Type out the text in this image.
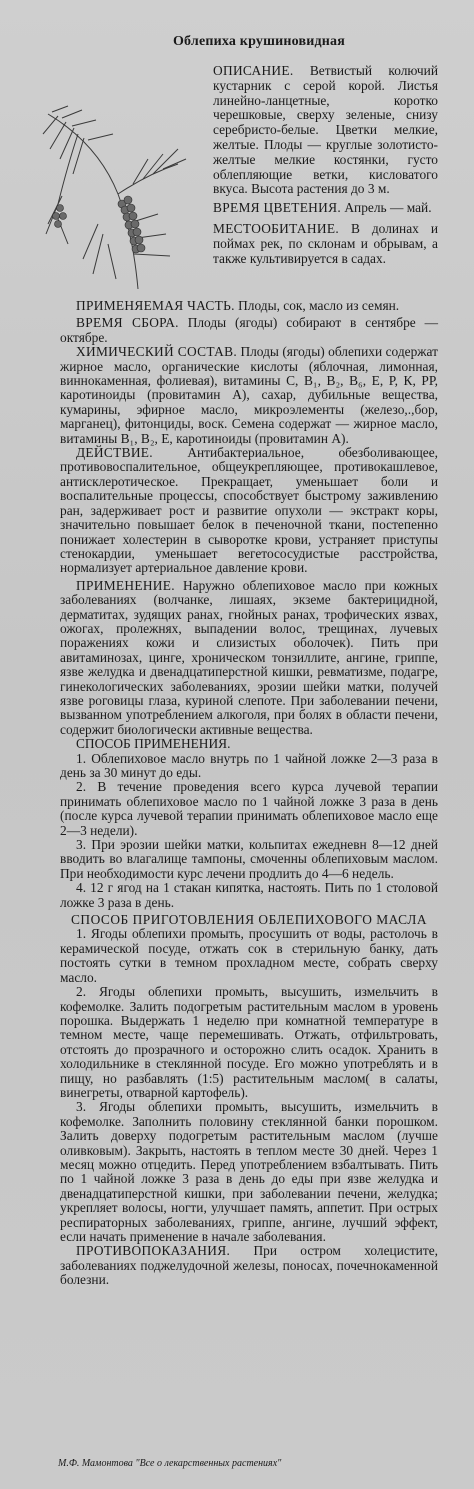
Облепиха крушиновидная

ОПИСАНИЕ. Ветвистый колючий кустарник с серой корой. Листья линейно-ланцетные, коротко черешковые, сверху зеленые, снизу серебристо-белые. Цветки мелкие, желтые. Плоды — круглые золотисто-желтые мелкие костянки, густо облепляющие ветки, кисловатого вкуса. Высота растения до 3 м.

ВРЕМЯ ЦВЕТЕНИЯ. Апрель — май.

МЕСТООБИТАНИЕ. В долинах и поймах рек, по склонам и обрывам, а также культивируется в садах.

ПРИМЕНЯЕМАЯ ЧАСТЬ. Плоды, сок, масло из семян.

ВРЕМЯ СБОРА. Плоды (ягоды) собирают в сентябре — октябре.

ХИМИЧЕСКИЙ СОСТАВ. Плоды (ягоды) облепихи содержат жирное масло, органические кислоты (яблочная, лимонная, виннокаменная, фолиевая), витамины С, B₁, B₂, B₆, Е, Р, К, РР, каротиноиды (провитамин А), сахар, дубильные вещества, кумарины, эфирное масло, микроэлементы (железо,.,бор, марганец), фитонциды, воск. Семена содержат — жирное масло, витамины B₁, B₂, Е, каротиноиды (провитамин А).

ДЕЙСТВИЕ.	Антибактериальное, обезболивающее, противовоспалительное, общеукрепляющее, противокашлевое, антисклеротическое. Прекращает, уменьшает боли и воспалительные процессы, способствует быстрому заживлению ран, задерживает рост и развитие опухоли — экстракт коры, значительно повышает белок в печеночной ткани, постепенно понижает холестерин в сыворотке крови, устраняет приступы стенокардии, уменьшает вегетососудистые расстройства, нормализует артериальное давление крови.

ПРИМЕНЕНИЕ. Наружно облепиховое масло при кожных заболеваниях (волчанке, лишаях, экземе бактерицидной, дерматитах, зудящих ранах, гнойных ранах, трофических язвах, ожогах, пролежнях, выпадении волос, трещинах, лучевых поражениях кожи и слизистых оболочек). Пить при авитаминозах, цинге, хроническом тонзиллите, ангине, гриппе, язве желудка и двенадцатиперстной кишки, ревматизме, подагре, гинекологических заболеваниях, эрозии шейки матки, получей язве роговицы глаза, куриной слепоте. При заболевании печени, вызванном употреблением алкоголя, при болях в области печени, содержит биологически активные вещества.

СПОСОБ ПРИМЕНЕНИЯ.

1. Облепиховое масло внутрь по 1 чайной ложке 2—3 раза в день за 30 минут до еды.

2. В течение проведения всего курса лучевой терапии принимать облепиховое масло по 1 чайной ложке 3 раза в день (после курса лучевой терапии принимать облепиховое масло еще 2—3 недели).

3. При эрозии шейки матки, кольпитах ежедневн 8—12 дней вводить во влагалище тампоны, смоченны облепиховым маслом. При необходимости курс лечени продлить до 4—6 недель.

4. 12 г ягод на 1 стакан кипятка, настоять. Пить по 1 столовой ложке 3 раза в день.

СПОСОБ ПРИГОТОВЛЕНИЯ ОБЛЕПИХОВОГО МАСЛА

1. Ягоды облепихи промыть, просушить от воды, растолочь в керамической посуде, отжать сок в стерильную банку, дать постоять сутки в темном прохладном месте, собрать сверху масло.

2. Ягоды облепихи промыть, высушить, измельчить в кофемолке. Залить подогретым растительным маслом в уровень порошка. Выдержать 1 неделю при комнатной температуре в темном месте, чаще перемешивать. Отжать, отфильтровать, отстоять до прозрачного и осторожно слить осадок. Хранить в холодильнике в стеклянной посуде. Его можно употреблять и в пищу, но разбавлять (1:5) растительным маслом( в салаты, винегреты, отварной картофель).

3. Ягоды облепихи промыть, высушить, измельчить в кофемолке. Заполнить половину стеклянной банки порошком. Залить доверху подогретым растительным маслом (лучше оливковым). Закрыть, настоять в теплом месте 30 дней. Через 1 месяц можно отцедить. Перед употреблением взбалтывать. Пить по 1 чайной ложке 3 раза в день до еды при язве желудка и двенадцатиперстной кишки, при заболевании печени, желудка; укрепляет волосы, ногти, улучшает память, аппетит. При острых респираторных заболеваниях, гриппе, ангине, лучший эффект, если начать применение в начале заболевания.

ПРОТИВОПОКАЗАНИЯ. При остром холецистите, заболеваниях поджелудочной железы, поносах, почечнокаменной болезни.

М.Ф. Мамонтова "Все о лекарственных растениях"
